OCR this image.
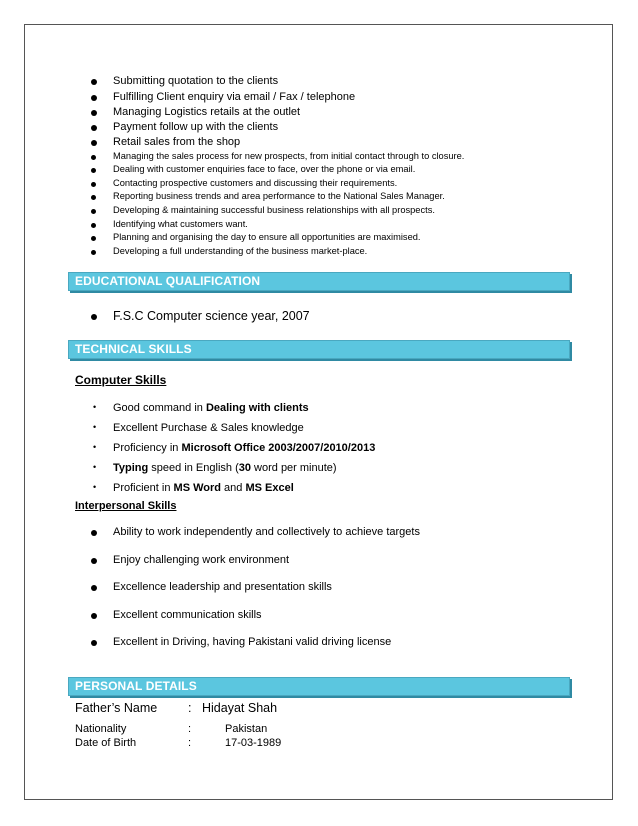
Submitting quotation to the clients
Fulfilling Client enquiry via email / Fax / telephone
Managing Logistics retails at the outlet
Payment follow up with the clients
Retail sales from the shop
Managing the sales process for new prospects, from initial contact through to closure.
Dealing with customer enquiries face to face, over the phone or via email.
Contacting prospective customers and discussing their requirements.
Reporting business trends and area performance to the National Sales Manager.
Developing & maintaining successful business relationships with all prospects.
Identifying what customers want.
Planning and organising the day to ensure all opportunities are maximised.
Developing a full understanding of the business market-place.
EDUCATIONAL QUALIFICATION
F.S.C Computer science year, 2007
TECHNICAL SKILLS
Computer Skills
• Good command in Dealing with clients
• Excellent Purchase & Sales knowledge
• Proficiency in Microsoft Office 2003/2007/2010/2013
• Typing speed in English (30 word per minute)
• Proficient in MS Word and MS Excel
Interpersonal Skills
Ability to work independently and collectively to achieve targets
Enjoy challenging work environment
Excellence leadership and presentation skills
Excellent communication skills
Excellent in Driving, having Pakistani valid driving license
PERSONAL DETAILS
Father’s Name : Hidayat Shah
Nationality	:	Pakistan
Date of Birth	:	17-03-1989
